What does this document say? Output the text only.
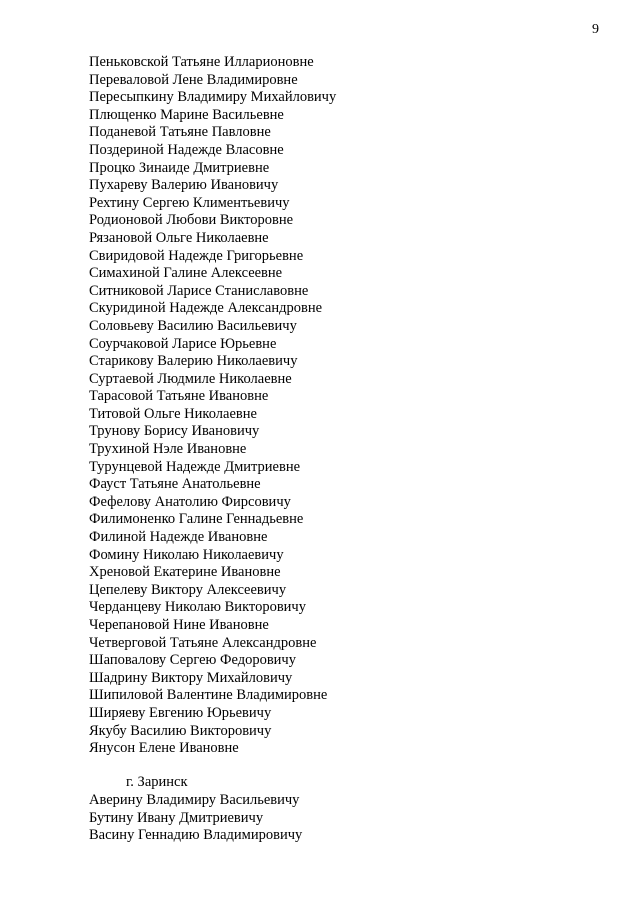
9
Пеньковской Татьяне Илларионовне
Переваловой Лене Владимировне
Пересыпкину Владимиру Михайловичу
Плющенко Марине Васильевне
Поданевой Татьяне Павловне
Поздериной Надежде Власовне
Процко Зинаиде Дмитриевне
Пухареву Валерию Ивановичу
Рехтину Сергею Климентьевичу
Родионовой Любови Викторовне
Рязановой Ольге Николаевне
Свиридовой Надежде Григорьевне
Симахиной Галине Алексеевне
Ситниковой Ларисе Станиславовне
Скуридиной Надежде Александровне
Соловьеву Василию Васильевичу
Соурчаковой Ларисе Юрьевне
Старикову Валерию Николаевичу
Суртаевой Людмиле Николаевне
Тарасовой Татьяне Ивановне
Титовой Ольге Николаевне
Трунову Борису Ивановичу
Трухиной Нэле Ивановне
Турунцевой Надежде Дмитриевне
Фауст Татьяне Анатольевне
Фефелову Анатолию Фирсовичу
Филимоненко Галине Геннадьевне
Филиной Надежде Ивановне
Фомину Николаю Николаевичу
Хреновой Екатерине Ивановне
Цепелеву Виктору Алексеевичу
Черданцеву Николаю Викторовичу
Черепановой Нине Ивановне
Четверговой Татьяне Александровне
Шаповалову Сергею Федоровичу
Шадрину Виктору Михайловичу
Шипиловой Валентине Владимировне
Ширяеву Евгению Юрьевичу
Якубу Василию Викторовичу
Янусон Елене Ивановне
г. Заринск
Аверину Владимиру Васильевичу
Бутину Ивану Дмитриевичу
Васину Геннадию Владимировичу
